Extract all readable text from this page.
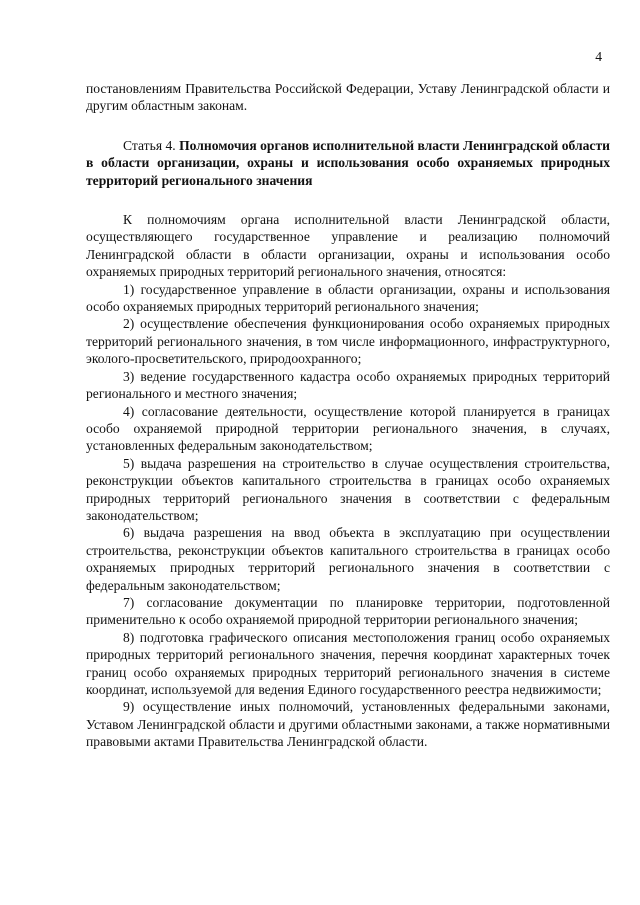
4

постановлениям Правительства Российской Федерации, Уставу Ленинградской области и другим областным законам.

Статья 4. Полномочия органов исполнительной власти Ленинградской области в области организации, охраны и использования особо охраняемых природных территорий регионального значения

К полномочиям органа исполнительной власти Ленинградской области, осуществляющего государственное управление и реализацию полномочий Ленинградской области в области организации, охраны и использования особо охраняемых природных территорий регионального значения, относятся:

1) государственное управление в области организации, охраны и использования особо охраняемых природных территорий регионального значения;

2) осуществление обеспечения функционирования особо охраняемых природных территорий регионального значения, в том числе информационного, инфраструктурного, эколого-просветительского, природоохранного;

3) ведение государственного кадастра особо охраняемых природных территорий регионального и местного значения;

4) согласование деятельности, осуществление которой планируется в границах особо охраняемой природной территории регионального значения, в случаях, установленных федеральным законодательством;

5) выдача разрешения на строительство в случае осуществления строительства, реконструкции объектов капитального строительства в границах особо охраняемых природных территорий регионального значения в соответствии с федеральным законодательством;

6) выдача разрешения на ввод объекта в эксплуатацию при осуществлении строительства, реконструкции объектов капитального строительства в границах особо охраняемых природных территорий регионального значения в соответствии с федеральным законодательством;

7) согласование документации по планировке территории, подготовленной применительно к особо охраняемой природной территории регионального значения;

8) подготовка графического описания местоположения границ особо охраняемых природных территорий регионального значения, перечня координат характерных точек границ особо охраняемых природных территорий регионального значения в системе координат, используемой для ведения Единого государственного реестра недвижимости;

9) осуществление иных полномочий, установленных федеральными законами, Уставом Ленинградской области и другими областными законами, а также нормативными правовыми актами Правительства Ленинградской области.
